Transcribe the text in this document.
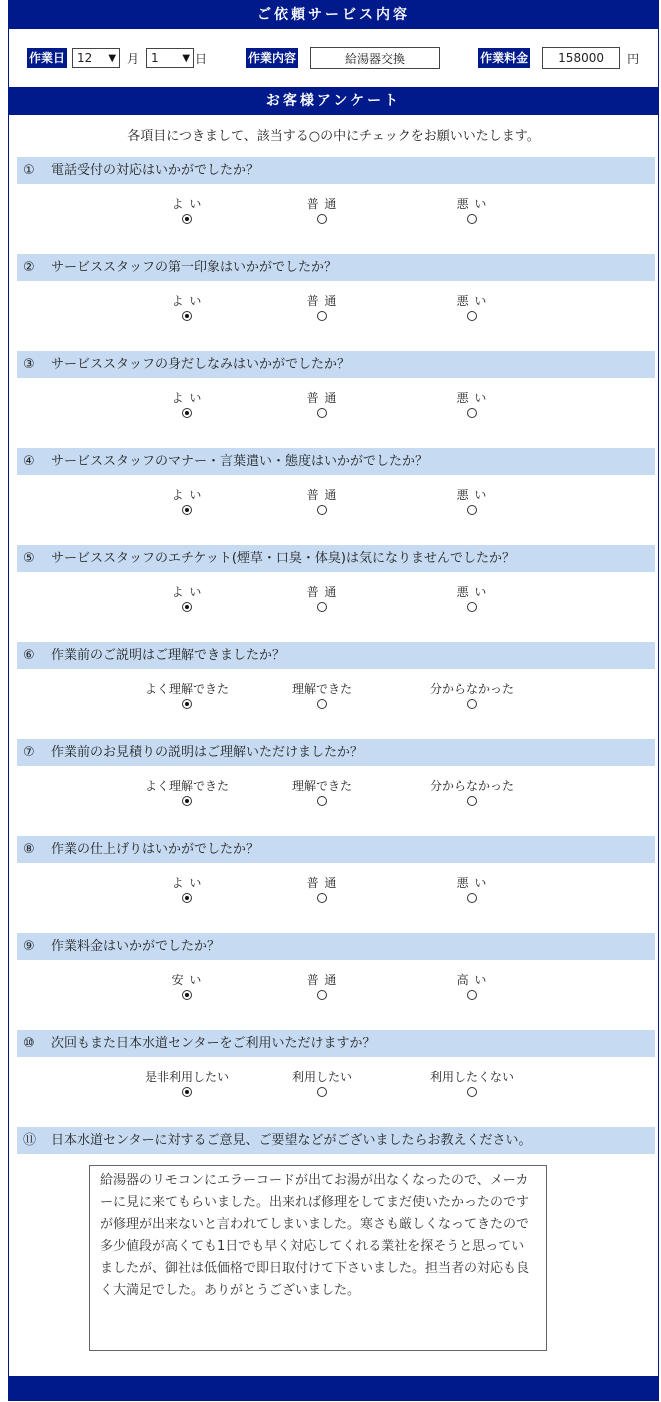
ご依頼サービス内容
作業日 12 ▼ 月 1 ▼ 日	作業内容	給湯器交換	作業料金	158000 円
お客様アンケート
各項目につきまして、該当する○の中にチェックをお願いいたします。
① 電話受付の対応はいかがでしたか？
よ い	普 通	悪 い
② サービススタッフの第一印象はいかがでしたか？
よ い	普 通	悪 い
③ サービススタッフの身だしなみはいかがでしたか？
よ い	普 通	悪 い
④ サービススタッフのマナー・言葉遣い・態度はいかがでしたか？
よ い	普 通	悪 い
⑤ サービススタッフのエチケット(煙草・口臭・体臭)は気になりませんでしたか？
よ い	普 通	悪 い
⑥ 作業前のご説明はご理解できましたか？
よく理解できた	理解できた	分からなかった
⑦ 作業前のお見積りの説明はご理解いただけましたか？
よく理解できた	理解できた	分からなかった
⑧ 作業の仕上げりはいかがでしたか？
よ い	普 通	悪 い
⑨ 作業料金はいかがでしたか？
安 い	普 通	高 い
⑩ 次回もまた日本水道センターをご利用いただけますか？
是非利用したい	利用したい	利用したくない
⑪ 日本水道センターに対するご意見、ご要望などがございましたらお教えください。
給湯器のリモコンにエラーコードが出てお湯が出なくなったので、メーカーに見に来てもらいました。出来れば修理をしてまだ使いたかったのですが修理が出来ないと言われてしまいました。寒さも厳しくなってきたので多少値段が高くても1日でも早く対応してくれる業社を探そうと思っていましたが、御社は低価格で即日取付けて下さいました。担当者の対応も良く大満足でした。ありがとうございました。
